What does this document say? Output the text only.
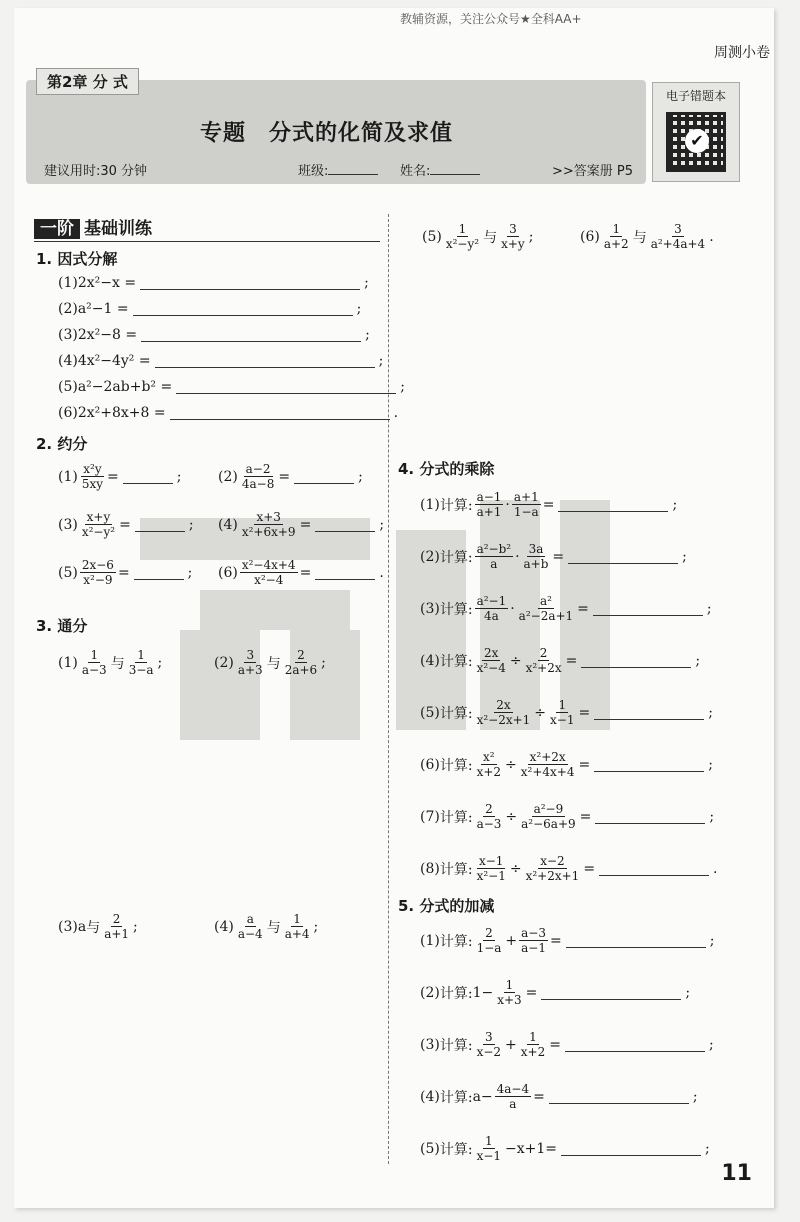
教辅资源，关注公众号★全科AA+
周测小卷
第2章 分 式
专题　分式的化简及求值
建议用时:30 分钟	班级:	姓名:	>>答案册 P5
电子错题本
✔
一阶 基础训练
1. 因式分解
(1)2x²−x =	;
(2)a²−1 =	;
(3)2x²−8 =	;
(4)4x²−4y² =	;
(5)a²−2ab+b² =	;
(6)2x²+8x+8 =	.
2. 约分
$(1) \frac{\text{x²y}}{5xy}$ =	;	$(2) \frac{a-2}{4a-8}$ =	;
$(3) \frac{x+y}{\text{x²−y²}}$ =	; $(4) \frac{x+3}{\text{x²+6x+9}}$ =	;
$(5) \frac{2x-6}{\text{x²−9}}$ =	; $(6) \frac{\text{x²−4x+4}}{\text{x²−4}}$ =	.
3. 通分
$(1) \frac{1}{a-3}$ 与 $\frac{1}{3-a}$ ;	$(2) \frac{3}{a+3}$ 与 $\frac{2}{2a+6}$ ;
(3) a 与 $\frac{2}{a+1}$ ;	$(4) \frac{a}{a-4}$ 与 $\frac{1}{a+4}$ ;
$(5) \frac{1}{\text{x²−y²}}$ 与 $\frac{3}{x+y}$ ;	$(6) \frac{1}{a+2}$ 与 $\frac{3}{\text{a²+4a+4}}$ .
4. 分式的乘除
(1) 计算: $\frac{a-1}{a+1} \cdot \frac{a+1}{1-a}$ =	;
(2) 计算: $\frac{\text{a²−b²}}{a} \cdot \frac{3a}{a+b}$ =	;
(3) 计算: $\frac{\text{a²−1}}{4a} \cdot \frac{\text{a²}}{\text{a²−2a+1}}$ =	;
(4) 计算: $\frac{2x}{\text{x²−4}} \div \frac{2}{\text{x²+2x}}$ =	;
(5) 计算: $\frac{2x}{\text{x²−2x+1}} \div \frac{1}{x-1}$ =	;
(6) 计算: $\frac{\text{x²}}{x+2} \div \frac{\text{x²+2x}}{\text{x²+4x+4}}$ =	;
(7) 计算: $\frac{2}{a-3} \div \frac{\text{a²−9}}{\text{a²−6a+9}}$ =	;
(8) 计算: $\frac{x-1}{\text{x²−1}} \div \frac{x-2}{\text{x²+2x+1}}$ =	.
5. 分式的加减
(1) 计算: $\frac{2}{1-a} + \frac{a-3}{a-1}$ =	;
(2) 计算: $1- \frac{1}{x+3}$ =	;
(3) 计算: $\frac{3}{x-2} + \frac{1}{x+2}$ =	;
(4) 计算: $a- \frac{4a-4}{a}$ =	;
(5) 计算: $\frac{1}{x-1} -x+1$ =	;
11
